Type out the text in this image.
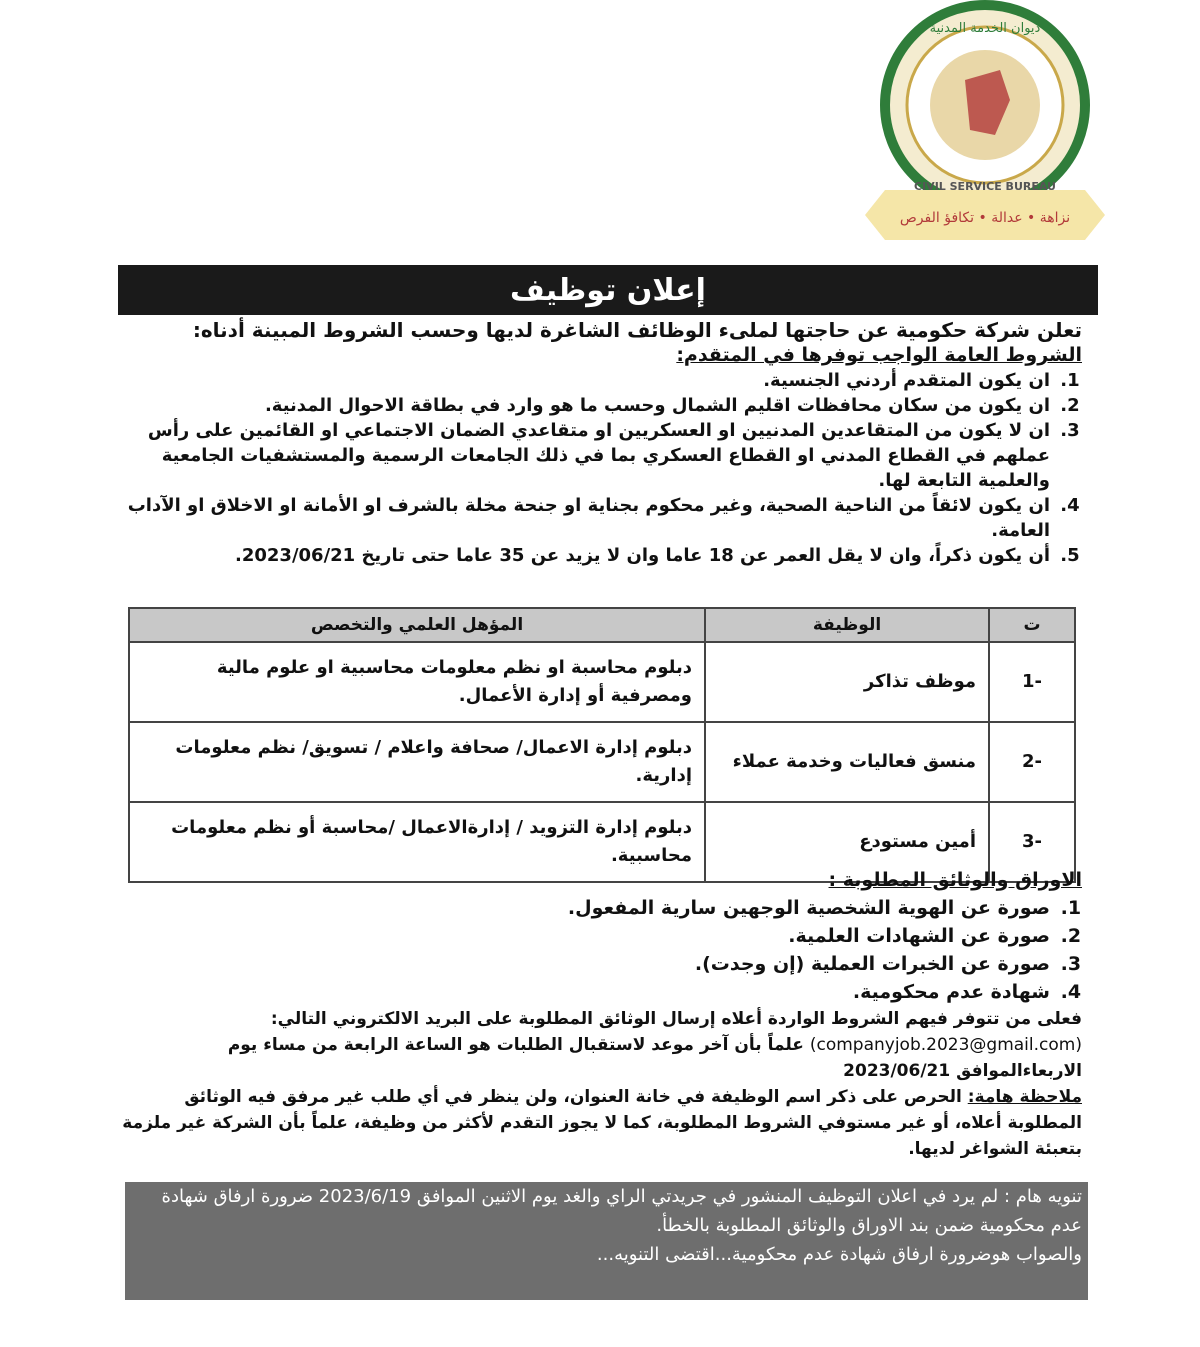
نزاهة • عدالة • تكافؤ الفرص
CIVIL SERVICE BUREAU
ديوان الخدمة المدنية
إعلان توظيف
تعلن شركة حكومية عن حاجتها لملىء الوظائف الشاغرة لديها وحسب الشروط المبينة أدناه:
الشروط العامة الواجب توفرها في المتقدم:
1. ان يكون المتقدم أردني الجنسية.
2. ان يكون من سكان محافظات اقليم الشمال وحسب ما هو وارد في بطاقة الاحوال المدنية.
3. ان لا يكون من المتقاعدين المدنيين او العسكريين او متقاعدي الضمان الاجتماعي او القائمين على رأس عملهم في القطاع المدني او القطاع العسكري بما في ذلك الجامعات الرسمية والمستشفيات الجامعية والعلمية التابعة لها.
4. ان يكون لائقاً من الناحية الصحية، وغير محكوم بجناية او جنحة مخلة بالشرف او الأمانة او الاخلاق او الآداب العامة.
5. أن يكون ذكراً، وان لا يقل العمر عن 18 عاما وان لا يزيد عن 35 عاما حتى تاريخ 2023/06/21.
ت	الوظيفة	المؤهل العلمي والتخصص
-1	موظف تذاكر	دبلوم محاسبة او نظم معلومات محاسبية او علوم مالية ومصرفية أو إدارة الأعمال.
-2	منسق فعاليات وخدمة عملاء	دبلوم إدارة الاعمال/ صحافة واعلام / تسويق/ نظم معلومات إدارية.
-3	أمين مستودع	دبلوم إدارة التزويد / إدارةالاعمال /محاسبة أو نظم معلومات محاسبية.
الاوراق والوثائق المطلوبة :
1. صورة عن الهوية الشخصية الوجهين سارية المفعول.
2. صورة عن الشهادات العلمية.
3. صورة عن الخبرات العملية (إن وجدت).
4. شهادة عدم محكومية.
فعلى من تتوفر فيهم الشروط الواردة أعلاه إرسال الوثائق المطلوبة على البريد الالكتروني التالي: (companyjob.2023@gmail.com) علماً بأن آخر موعد لاستقبال الطلبات هو الساعة الرابعة من مساء يوم الاربعاءالموافق 2023/06/21
ملاحظة هامة: الحرص على ذكر اسم الوظيفة في خانة العنوان، ولن ينظر في أي طلب غير مرفق فيه الوثائق المطلوبة أعلاه، أو غير مستوفي الشروط المطلوبة، كما لا يجوز التقدم لأكثر من وظيفة، علماً بأن الشركة غير ملزمة بتعبئة الشواغر لديها.
تنويه هام : لم يرد في اعلان التوظيف المنشور في جريدتي الراي والغد يوم الاثنين الموافق 2023/6/19 ضرورة ارفاق شهادة عدم محكومية ضمن بند الاوراق والوثائق المطلوبة بالخطأ.
والصواب هوضرورة ارفاق شهادة عدم محكومية...اقتضى التنويه...
